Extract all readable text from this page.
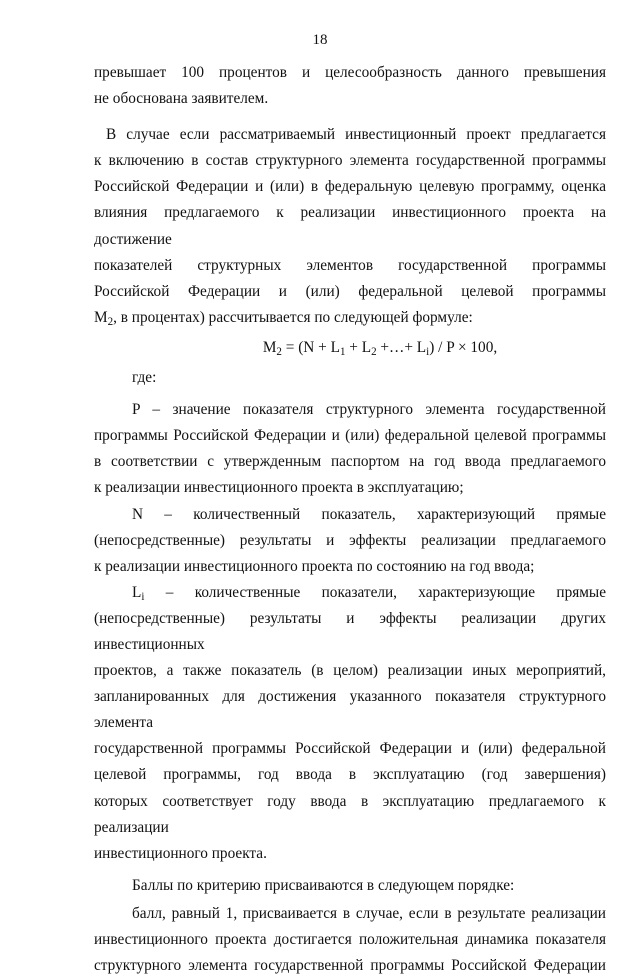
18
превышает 100 процентов и целесообразность данного превышения
не обоснована заявителем.
В случае если рассматриваемый инвестиционный проект предлагается
к включению в состав структурного элемента государственной программы
Российской Федерации и (или) в федеральную целевую программу, оценка
влияния предлагаемого к реализации инвестиционного проекта на достижение
показателей структурных элементов государственной программы
Российской Федерации и (или) федеральной целевой программы
$M_2$, в процентах) рассчитывается по следующей формуле:
$M_2 = (N + L_1 + L_2$ +…+ $L_i) / P \times 100$,
где:
P – значение показателя структурного элемента государственной
программы Российской Федерации и (или) федеральной целевой программы
в соответствии с утвержденным паспортом на год ввода предлагаемого
к реализации инвестиционного проекта в эксплуатацию;
N – количественный показатель, характеризующий прямые
(непосредственные) результаты и эффекты реализации предлагаемого
к реализации инвестиционного проекта по состоянию на год ввода;
$L_i$ – количественные показатели, характеризующие прямые
(непосредственные) результаты и эффекты реализации других инвестиционных
проектов, а также показатель (в целом) реализации иных мероприятий,
запланированных для достижения указанного показателя структурного элемента
государственной программы Российской Федерации и (или) федеральной
целевой программы, год ввода в эксплуатацию (год завершения)
которых соответствует году ввода в эксплуатацию предлагаемого к реализации
инвестиционного проекта.
Баллы по критерию присваиваются в следующем порядке:
балл, равный 1, присваивается в случае, если в результате реализации
инвестиционного проекта достигается положительная динамика показателя
структурного элемента государственной программы Российской Федерации
